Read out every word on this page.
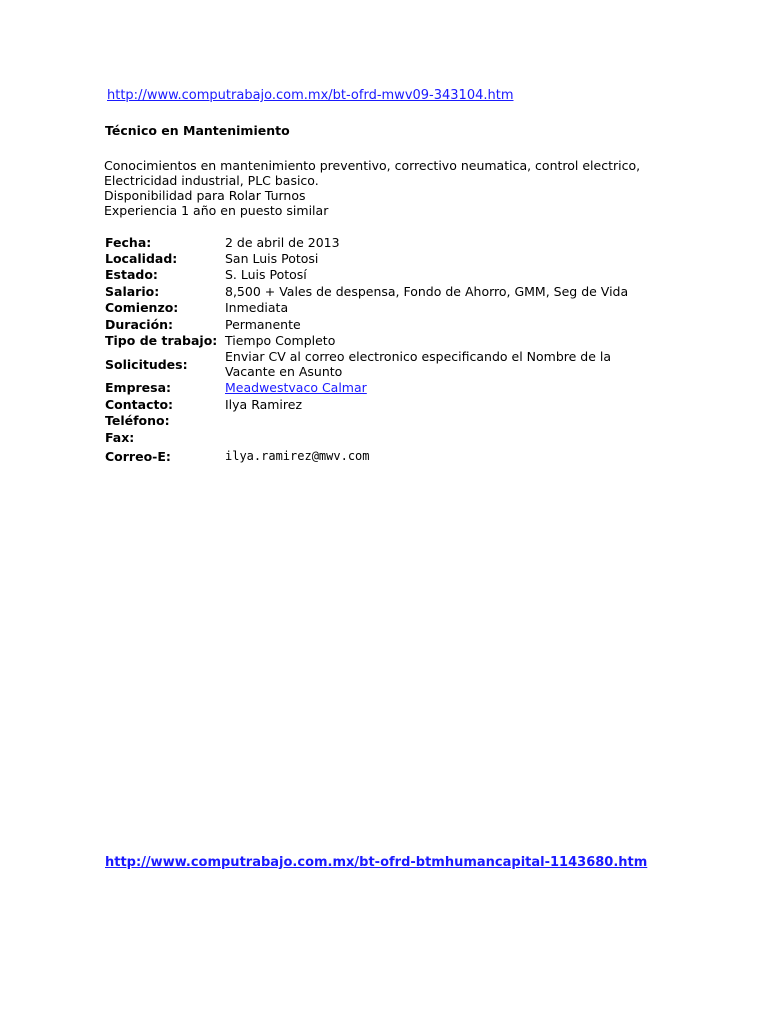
http://www.computrabajo.com.mx/bt-ofrd-mwv09-343104.htm
Técnico en Mantenimiento
Conocimientos en mantenimiento preventivo, correctivo neumatica, control electrico,
Electricidad industrial, PLC basico.
Disponibilidad para Rolar Turnos
Experiencia 1 año en puesto similar
Fecha:	2 de abril de 2013
Localidad:	San Luis Potosi
Estado:	S. Luis Potosí
Salario:	8,500 + Vales de despensa, Fondo de Ahorro, GMM, Seg de Vida
Comienzo:	Inmediata
Duración:	Permanente
Tipo de trabajo:	Tiempo Completo
Solicitudes:	Enviar CV al correo electronico especificando el Nombre de la Vacante en Asunto
Empresa:	Meadwestvaco Calmar
Contacto:	Ilya Ramirez
Teléfono:	
Fax:	
Correo-E:	ilya.ramirez@mwv.com
http://www.computrabajo.com.mx/bt-ofrd-btmhumancapital-1143680.htm
